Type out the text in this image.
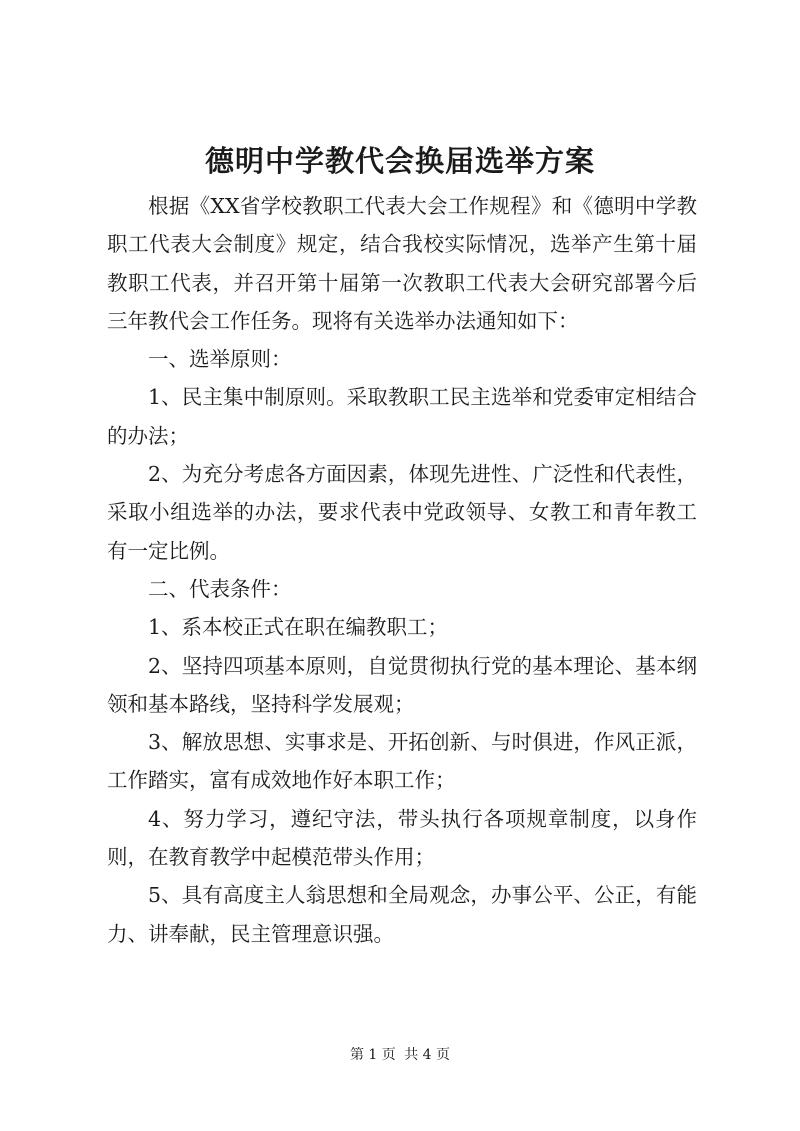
德明中学教代会换届选举方案

根据《XX省学校教职工代表大会工作规程》和《德明中学教职工代表大会制度》规定，结合我校实际情况，选举产生第十届教职工代表，并召开第十届第一次教职工代表大会研究部署今后三年教代会工作任务。现将有关选举办法通知如下：

一、选举原则：

1、民主集中制原则。采取教职工民主选举和党委审定相结合的办法；

2、为充分考虑各方面因素，体现先进性、广泛性和代表性，采取小组选举的办法，要求代表中党政领导、女教工和青年教工有一定比例。

二、代表条件：

1、系本校正式在职在编教职工；

2、坚持四项基本原则，自觉贯彻执行党的基本理论、基本纲领和基本路线，坚持科学发展观；

3、解放思想、实事求是、开拓创新、与时俱进，作风正派，工作踏实，富有成效地作好本职工作；

4、努力学习，遵纪守法，带头执行各项规章制度，以身作则，在教育教学中起模范带头作用；

5、具有高度主人翁思想和全局观念，办事公平、公正，有能力、讲奉献，民主管理意识强。

第 1 页 共 4 页
